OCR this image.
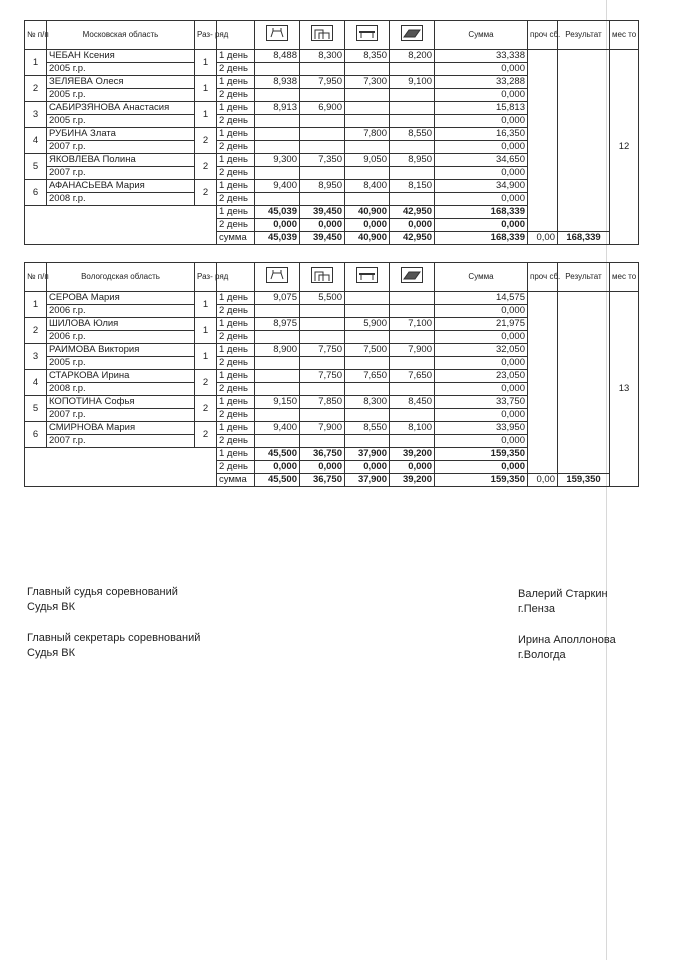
№ п/п	Московская область	Раз- ряд						Сумма	проч сб.	Результат	мес то
1	ЧЕБАН Ксения	1	1 день	8,488	8,300	8,350	8,200	33,338			12
	2005 г.р.		2 день					0,000			
2	ЗЕЛЯЕВА Олеся	1	1 день	8,938	7,950	7,300	9,100	33,288			
	2005 г.р.		2 день					0,000			
3	САБИРЗЯНОВА Анастасия	1	1 день	8,913	6,900			15,813			
	2005 г.р.		2 день					0,000			
4	РУБИНА Злата	2	1 день			7,800	8,550	16,350			
	2007 г.р.		2 день					0,000			
5	ЯКОВЛЕВА Полина	2	1 день	9,300	7,350	9,050	8,950	34,650			
	2007 г.р.		2 день					0,000			
6	АФАНАСЬЕВА Мария	2	1 день	9,400	8,950	8,400	8,150	34,900			
	2008 г.р.		2 день					0,000			
			1 день	45,039	39,450	40,900	42,950	168,339			
			2 день	0,000	0,000	0,000	0,000	0,000			
			сумма	45,039	39,450	40,900	42,950	168,339	0,00	168,339	
№ п/п	Вологодская область	Раз- ряд						Сумма	проч сб.	Результат	мес то
1	СЕРОВА Мария	1	1 день	9,075	5,500			14,575			13
	2006 г.р.		2 день					0,000			
2	ШИЛОВА Юлия	1	1 день	8,975		5,900	7,100	21,975			
	2006 г.р.		2 день					0,000			
3	РАИМОВА Виктория	1	1 день	8,900	7,750	7,500	7,900	32,050			
	2005 г.р.		2 день					0,000			
4	СТАРКОВА Ирина	2	1 день		7,750	7,650	7,650	23,050			
	2008 г.р.		2 день					0,000			
5	КОПОТИНА Софья	2	1 день	9,150	7,850	8,300	8,450	33,750			
	2007 г.р.		2 день					0,000			
6	СМИРНОВА Мария	2	1 день	9,400	7,900	8,550	8,100	33,950			
	2007 г.р.		2 день					0,000			
			1 день	45,500	36,750	37,900	39,200	159,350			
			2 день	0,000	0,000	0,000	0,000	0,000			
			сумма	45,500	36,750	37,900	39,200	159,350	0,00	159,350	
Главный судья соревнований
Судья ВК
Валерий Старкин
г.Пенза
Главный секретарь соревнований
Судья ВК
Ирина Аполлонова
г.Вологда
